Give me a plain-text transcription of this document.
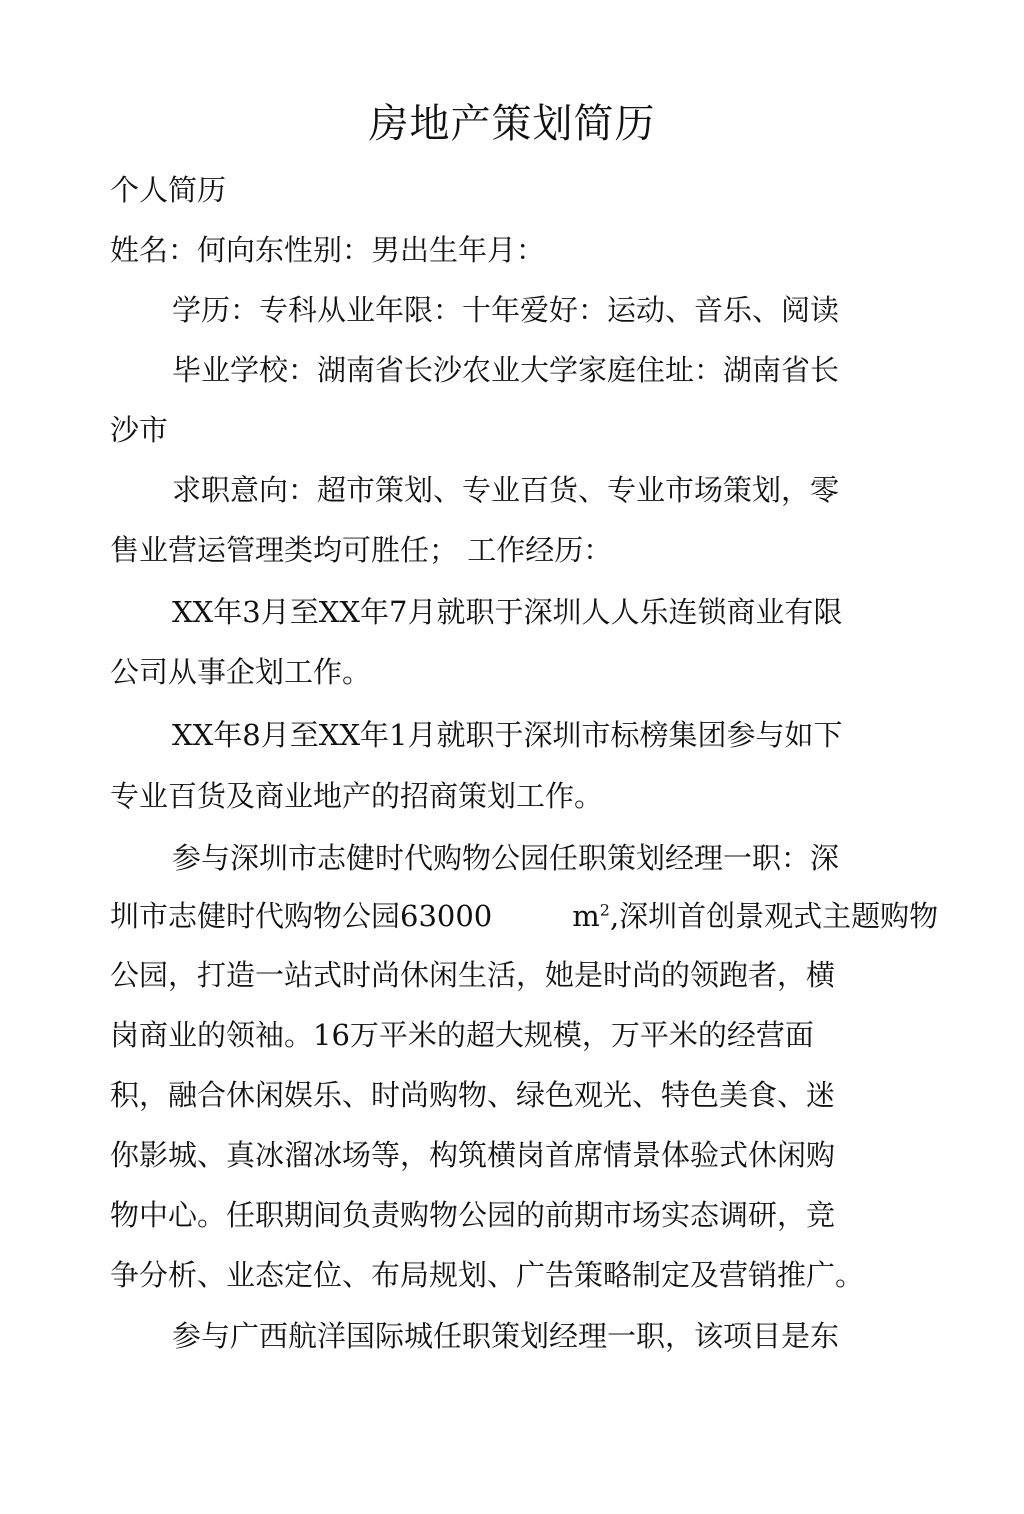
房地产策划简历
个人简历
姓名：何向东性别：男出生年月：
学历：专科从业年限：十年爱好：运动、音乐、阅读
毕业学校：湖南省长沙农业大学家庭住址：湖南省长
沙市
求职意向：超市策划、专业百货、专业市场策划，零
售业营运管理类均可胜任； 工作经历：
XX年3月至XX年7月就职于深圳人人乐连锁商业有限
公司从事企划工作。
XX年8月至XX年1月就职于深圳市标榜集团参与如下
专业百货及商业地产的招商策划工作。
参与深圳市志健时代购物公园任职策划经理一职：深
圳市志健时代购物公园63000	$m^2$,深圳首创景观式主题购物
公园，打造一站式时尚休闲生活，她是时尚的领跑者，横
岗商业的领袖。16万平米的超大规模，万平米的经营面
积，融合休闲娱乐、时尚购物、绿色观光、特色美食、迷
你影城、真冰溜冰场等，构筑横岗首席情景体验式休闲购
物中心。任职期间负责购物公园的前期市场实态调研，竞
争分析、业态定位、布局规划、广告策略制定及营销推广。
参与广西航洋国际城任职策划经理一职，该项目是东
